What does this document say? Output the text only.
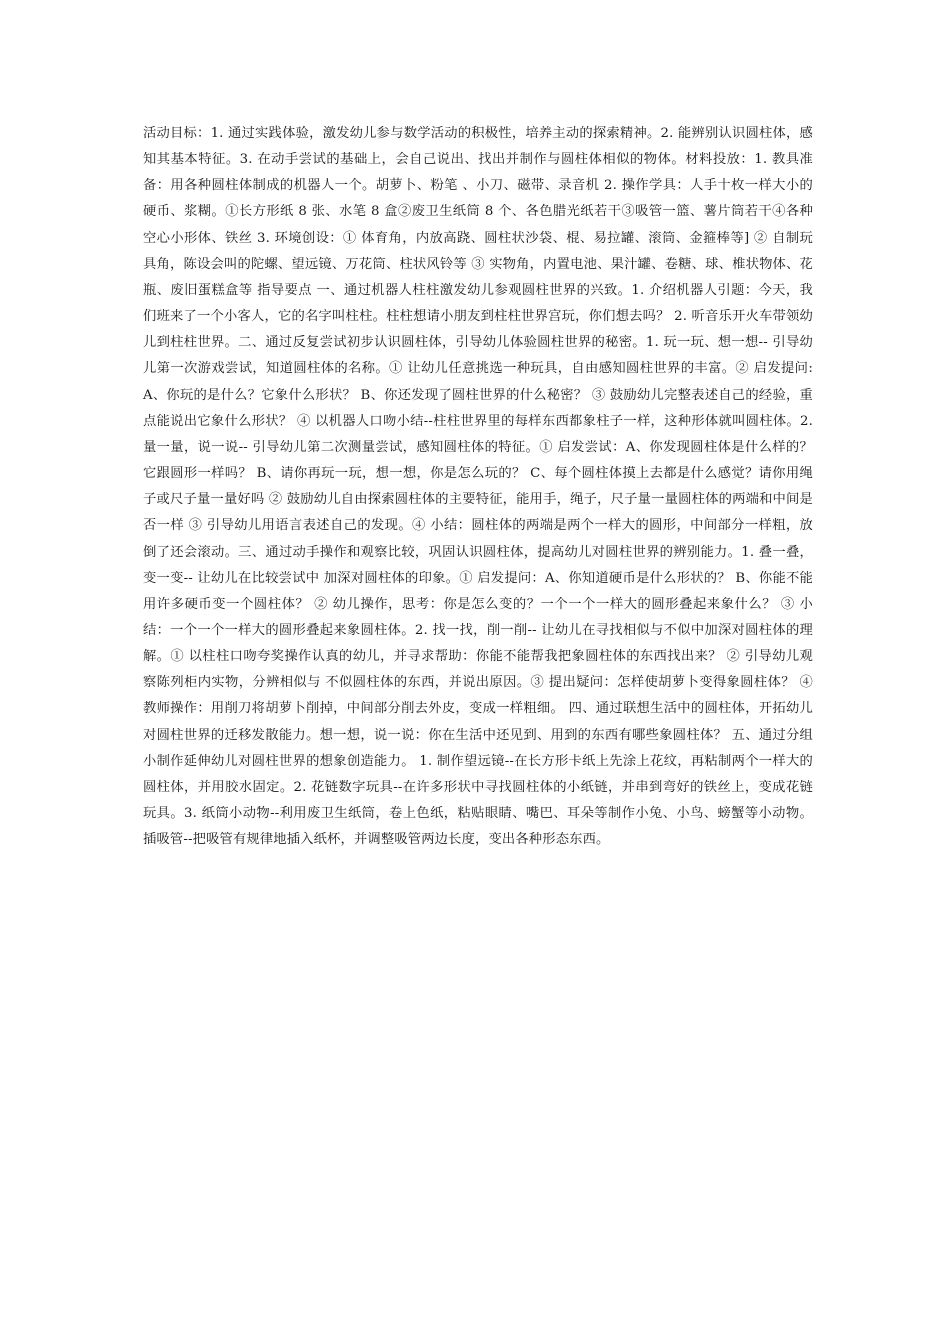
活动目标：1. 通过实践体验，激发幼儿参与数学活动的积极性，培养主动的探索精神。2. 能辨别认识圆柱体，感知其基本特征。3. 在动手尝试的基础上，会自己说出、找出并制作与圆柱体相似的物体。材料投放：1. 教具准备：用各种圆柱体制成的机器人一个。胡萝卜、粉笔 、小刀、磁带、录音机 2. 操作学具：人手十枚一样大小的硬币、浆糊。①长方形纸 8 张、水笔 8 盒②废卫生纸筒 8 个、各色腊光纸若干③吸管一篮、薯片筒若干④各种空心小形体、铁丝 3. 环境创设：① 体育角，内放高跷、圆柱状沙袋、棍、易拉罐、滚筒、金箍棒等] ② 自制玩具角，陈设会叫的陀螺、望远镜、万花筒、柱状风铃等 ③ 实物角，内置电池、果汁罐、卷糖、球、椎状物体、花瓶、废旧蛋糕盒等 指导要点 一、通过机器人柱柱激发幼儿参观圆柱世界的兴致。1. 介绍机器人引题：今天，我们班来了一个小客人，它的名字叫柱柱。柱柱想请小朋友到柱柱世界宫玩，你们想去吗？ 2. 听音乐开火车带领幼儿到柱柱世界。二、通过反复尝试初步认识圆柱体，引导幼儿体验圆柱世界的秘密。1. 玩一玩、想一想-- 引导幼儿第一次游戏尝试，知道圆柱体的名称。① 让幼儿任意挑选一种玩具，自由感知圆柱世界的丰富。② 启发提问:A、你玩的是什么？它象什么形状？ B、你还发现了圆柱世界的什么秘密？ ③ 鼓励幼儿完整表述自己的经验，重点能说出它象什么形状？ ④ 以机器人口吻小结--柱柱世界里的每样东西都象柱子一样，这种形体就叫圆柱体。2. 量一量，说一说-- 引导幼儿第二次测量尝试，感知圆柱体的特征。① 启发尝试：A、你发现圆柱体是什么样的？它跟圆形一样吗？ B、请你再玩一玩，想一想，你是怎么玩的？ C、每个圆柱体摸上去都是什么感觉？请你用绳子或尺子量一量好吗 ② 鼓励幼儿自由探索圆柱体的主要特征，能用手，绳子，尺子量一量圆柱体的两端和中间是否一样 ③ 引导幼儿用语言表述自己的发现。④ 小结：圆柱体的两端是两个一样大的圆形，中间部分一样粗，放倒了还会滚动。三、通过动手操作和观察比较，巩固认识圆柱体，提高幼儿对圆柱世界的辨别能力。1. 叠一叠，变一变-- 让幼儿在比较尝试中 加深对圆柱体的印象。① 启发提问：A、你知道硬币是什么形状的？ B、你能不能用许多硬币变一个圆柱体？ ② 幼儿操作，思考：你是怎么变的？一个一个一样大的圆形叠起来象什么？ ③ 小结：一个一个一样大的圆形叠起来象圆柱体。2. 找一找，削一削-- 让幼儿在寻找相似与不似中加深对圆柱体的理解。① 以柱柱口吻夸奖操作认真的幼儿，并寻求帮助：你能不能帮我把象圆柱体的东西找出来？ ② 引导幼儿观察陈列柜内实物，分辨相似与 不似圆柱体的东西，并说出原因。③ 提出疑问：怎样使胡萝卜变得象圆柱体？ ④ 教师操作：用削刀将胡萝卜削掉，中间部分削去外皮，变成一样粗细。 四、通过联想生活中的圆柱体，开拓幼儿对圆柱世界的迁移发散能力。想一想，说一说：你在生活中还见到、用到的东西有哪些象圆柱体？ 五、通过分组小制作延伸幼儿对圆柱世界的想象创造能力。 1. 制作望远镜--在长方形卡纸上先涂上花纹，再粘制两个一样大的圆柱体，并用胶水固定。2. 花链数字玩具--在许多形状中寻找圆柱体的小纸链，并串到弯好的铁丝上，变成花链玩具。3. 纸筒小动物--利用废卫生纸筒，卷上色纸，粘贴眼睛、嘴巴、耳朵等制作小兔、小鸟、螃蟹等小动物。 插吸管--把吸管有规律地插入纸杯，并调整吸管两边长度，变出各种形态东西。
